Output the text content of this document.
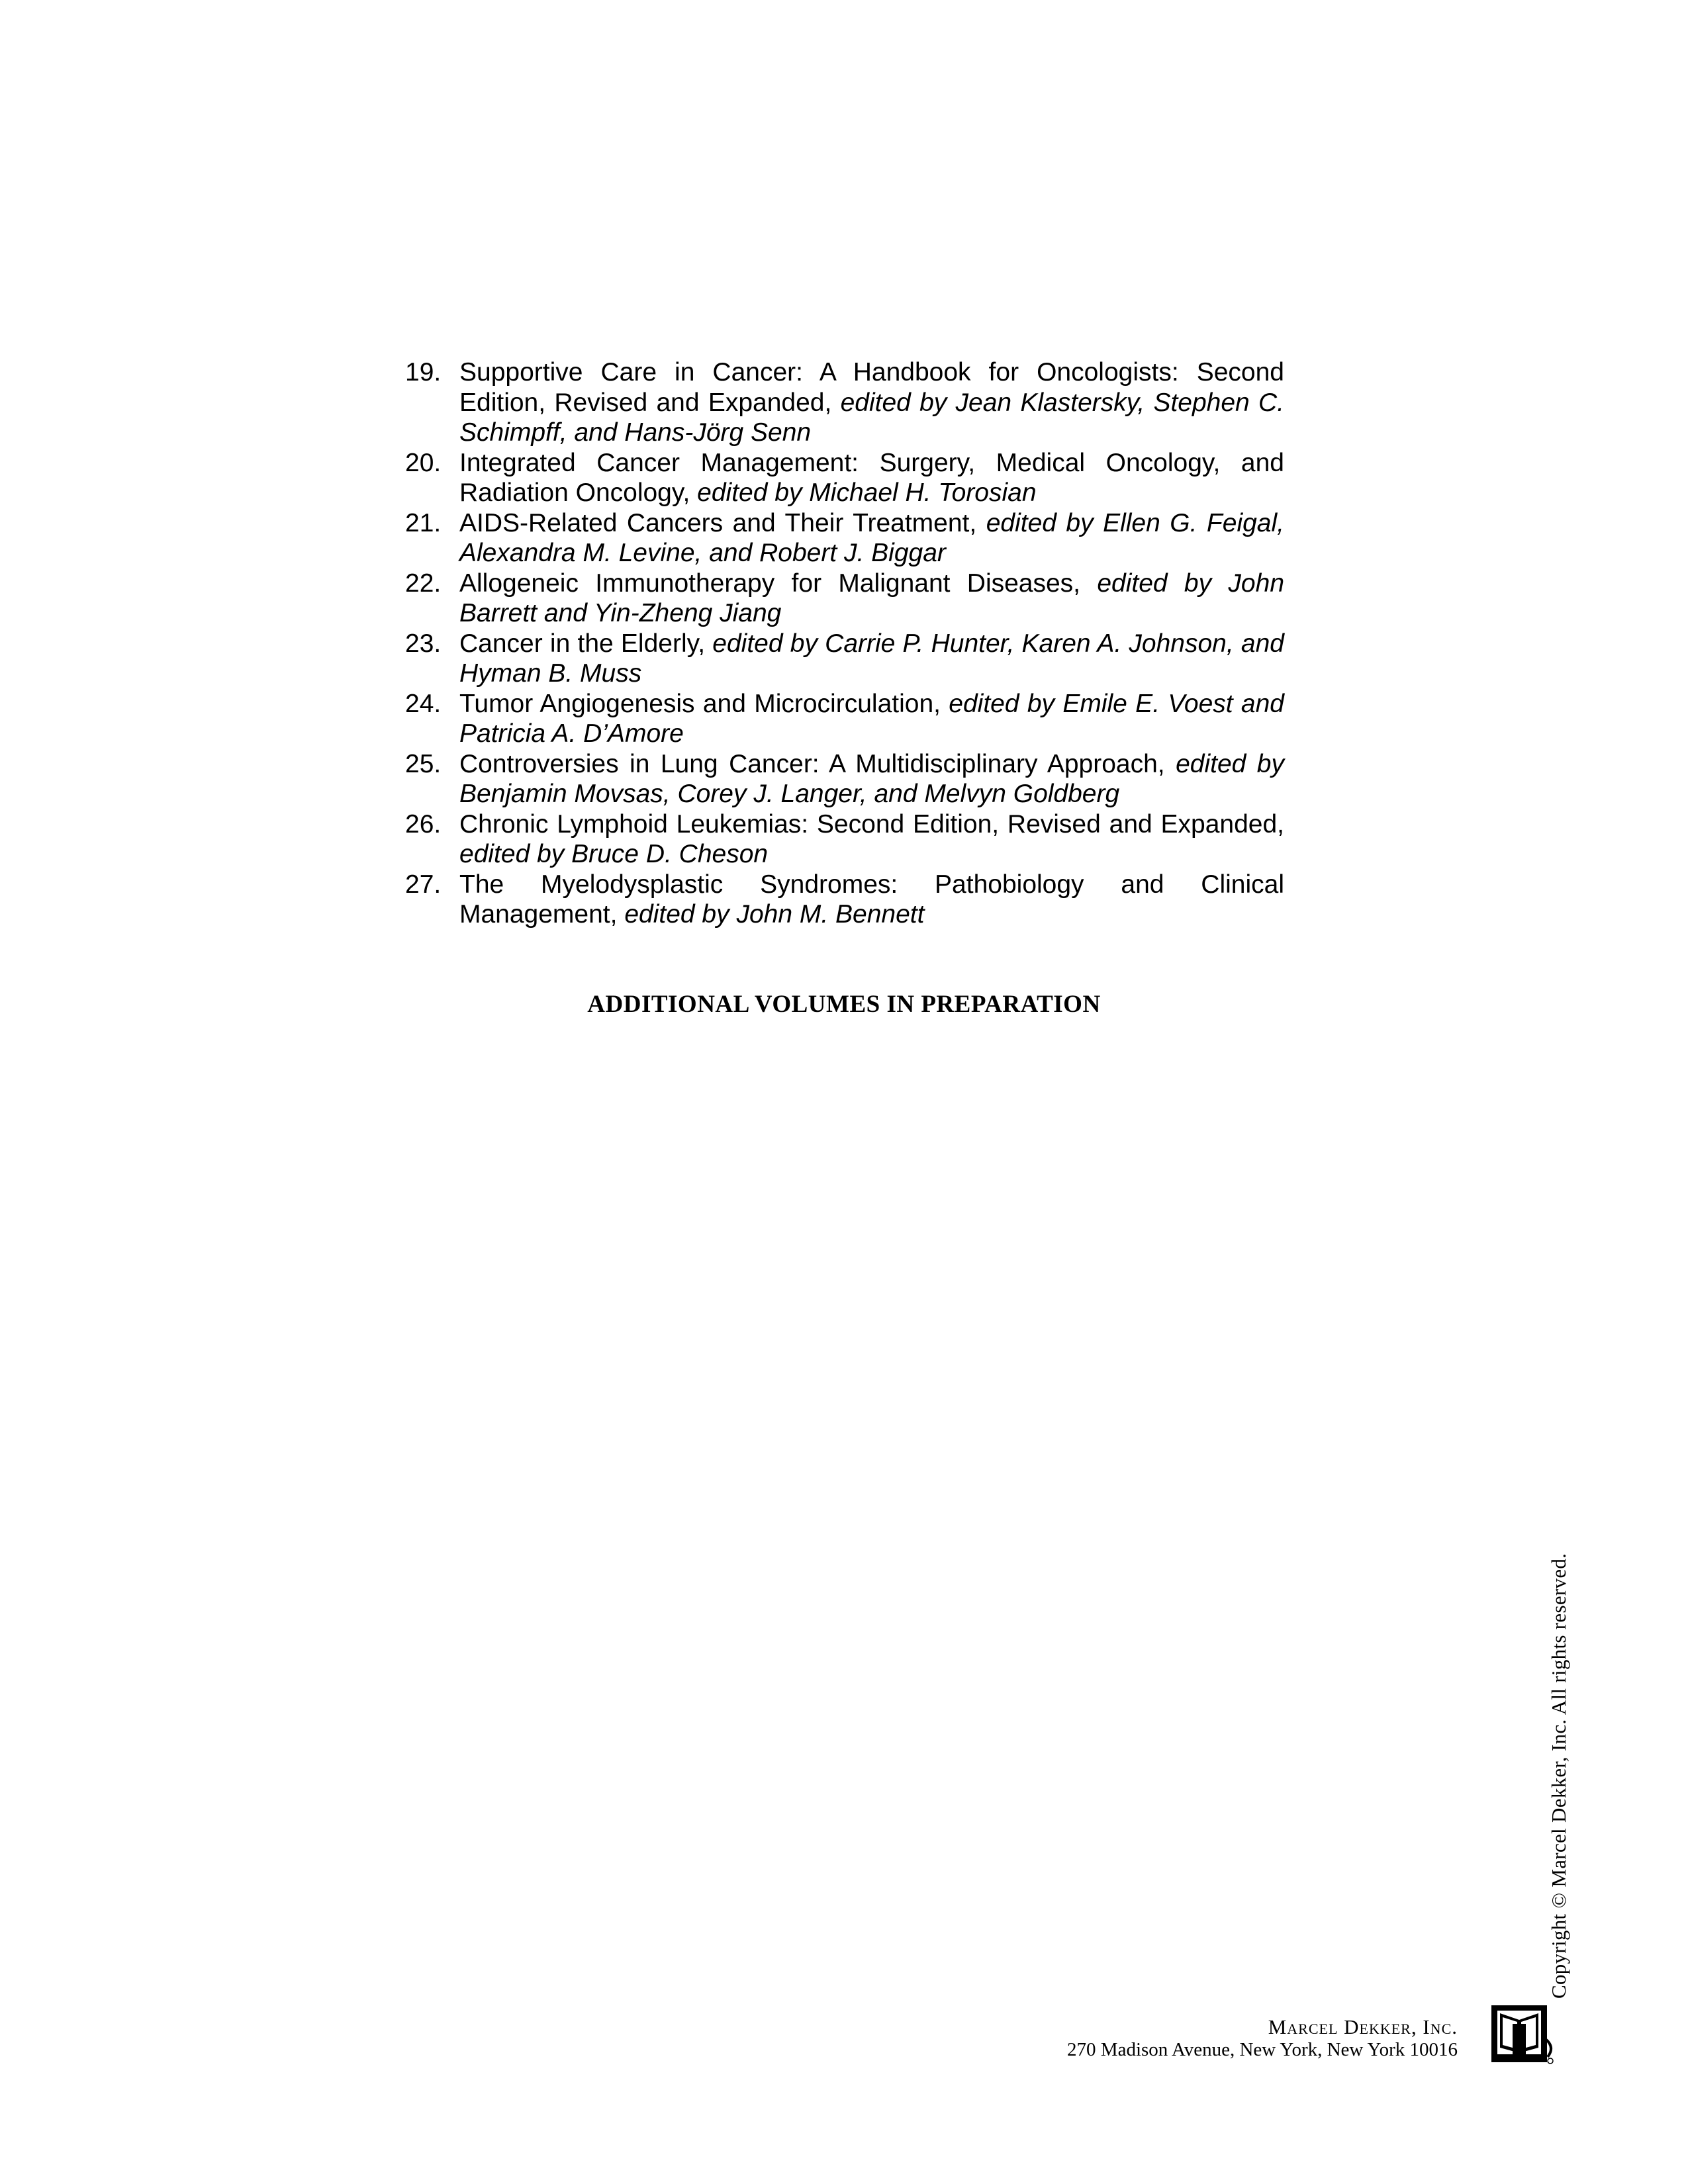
19. Supportive Care in Cancer: A Handbook for Oncologists: Second Edition, Revised and Expanded, edited by Jean Klastersky, Stephen C. Schimpff, and Hans-Jörg Senn
20. Integrated Cancer Management: Surgery, Medical Oncology, and Radiation Oncology, edited by Michael H. Torosian
21. AIDS-Related Cancers and Their Treatment, edited by Ellen G. Feigal, Alexandra M. Levine, and Robert J. Biggar
22. Allogeneic Immunotherapy for Malignant Diseases, edited by John Barrett and Yin-Zheng Jiang
23. Cancer in the Elderly, edited by Carrie P. Hunter, Karen A. Johnson, and Hyman B. Muss
24. Tumor Angiogenesis and Microcirculation, edited by Emile E. Voest and Patricia A. D’Amore
25. Controversies in Lung Cancer: A Multidisciplinary Approach, edited by Benjamin Movsas, Corey J. Langer, and Melvyn Goldberg
26. Chronic Lymphoid Leukemias: Second Edition, Revised and Expanded, edited by Bruce D. Cheson
27. The Myelodysplastic Syndromes: Pathobiology and Clinical Management, edited by John M. Bennett

ADDITIONAL VOLUMES IN PREPARATION

Copyright © Marcel Dekker, Inc. All rights reserved.
Marcel Dekker, Inc.
270 Madison Avenue, New York, New York 10016
